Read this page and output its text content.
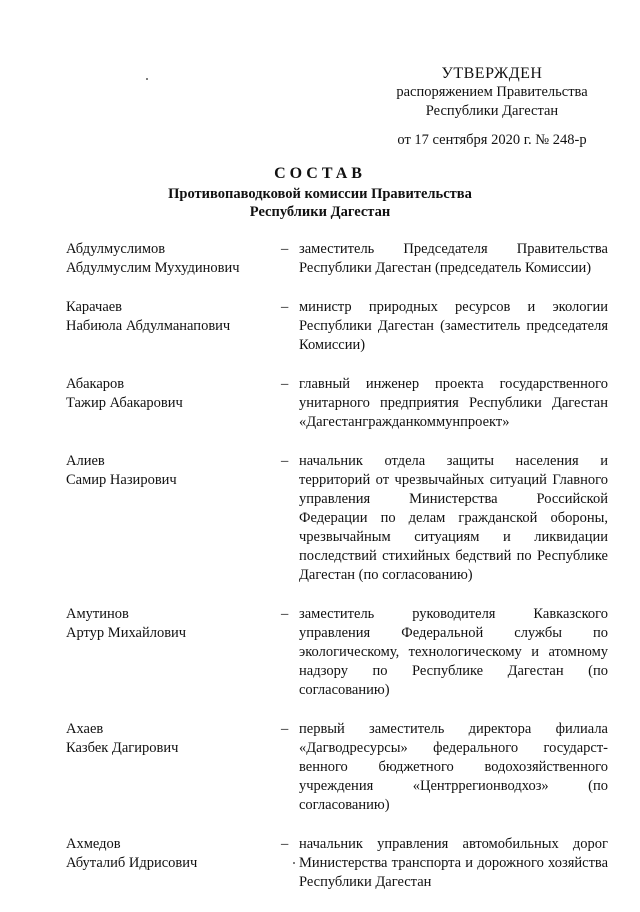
УТВЕРЖДЕН
распоряжением Правительства
Республики Дагестан
от 17 сентября 2020 г. № 248-р
СОСТАВ
Противопаводковой комиссии Правительства
Республики Дагестан
Абдулмуслимов
Абдулмуслим Мухудинович
– заместитель Председателя Правительства Республики Дагестан (председатель Комиссии)
Карачаев
Набиюла Абдулманапович
– министр природных ресурсов и экологии Республики Дагестан (заместитель председателя Комиссии)
Абакаров
Тажир Абакарович
– главный инженер проекта государственного унитарного предприятия Республики Дагестан «Дагестангражданкоммунпроект»
Алиев
Самир Назирович
– начальник отдела защиты населения и территорий от чрезвычайных ситуаций Главного управления Министерства Российской Федерации по делам гражданской обороны, чрезвычайным ситуациям и ликвидации последствий стихийных бедствий по Республике Дагестан (по согласованию)
Амутинов
Артур Михайлович
– заместитель руководителя Кавказского управления Федеральной службы по экологическому, технологическому и атомному надзору по Республике Дагестан (по согласованию)
Ахаев
Казбек Дагирович
– первый заместитель директора филиала «Дагводресурсы» федерального государст-венного бюджетного водохозяйственного учреждения «Центррегионводхоз» (по согласованию)
Ахмедов
Абуталиб Идрисович
– начальник управления автомобильных дорог Министерства транспорта и дорожного хозяйства Республики Дагестан
